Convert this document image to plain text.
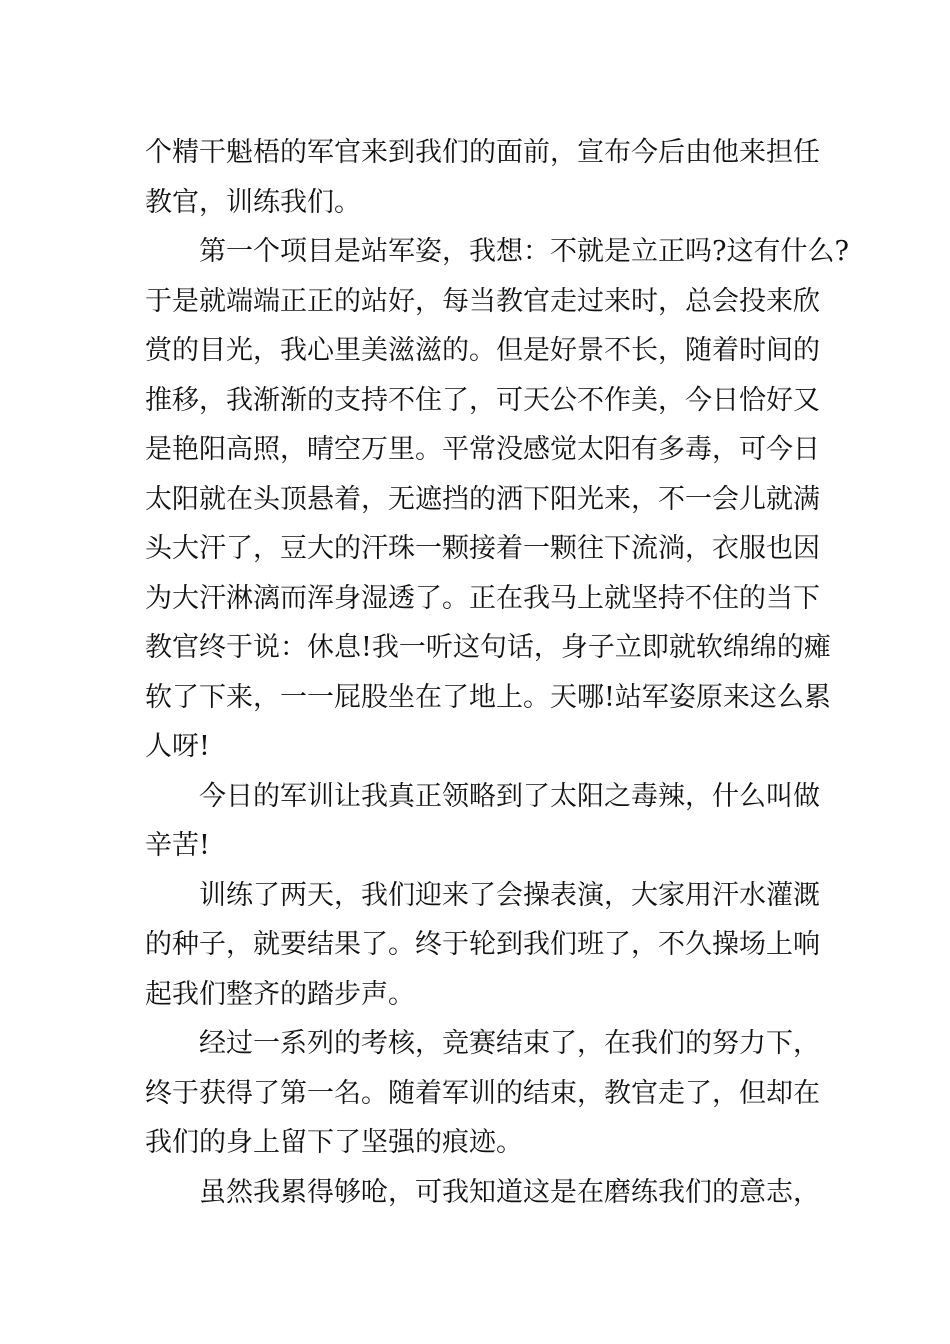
个精干魁梧的军官来到我们的面前，宣布今后由他来担任
教官，训练我们。
第一个项目是站军姿，我想：不就是立正吗?这有什么?
于是就端端正正的站好，每当教官走过来时，总会投来欣
赏的目光，我心里美滋滋的。但是好景不长，随着时间的
推移，我渐渐的支持不住了，可天公不作美，今日恰好又
是艳阳高照，晴空万里。平常没感觉太阳有多毒，可今日
太阳就在头顶悬着，无遮挡的洒下阳光来，不一会儿就满
头大汗了，豆大的汗珠一颗接着一颗往下流淌，衣服也因
为大汗淋漓而浑身湿透了。正在我马上就坚持不住的当下
教官终于说：休息!我一听这句话，身子立即就软绵绵的瘫
软了下来，一一屁股坐在了地上。天哪!站军姿原来这么累
人呀!
今日的军训让我真正领略到了太阳之毒辣，什么叫做
辛苦!
训练了两天，我们迎来了会操表演，大家用汗水灌溉
的种子，就要结果了。终于轮到我们班了，不久操场上响
起我们整齐的踏步声。
经过一系列的考核，竞赛结束了，在我们的努力下，
终于获得了第一名。随着军训的结束，教官走了，但却在
我们的身上留下了坚强的痕迹。
虽然我累得够呛，可我知道这是在磨练我们的意志，
